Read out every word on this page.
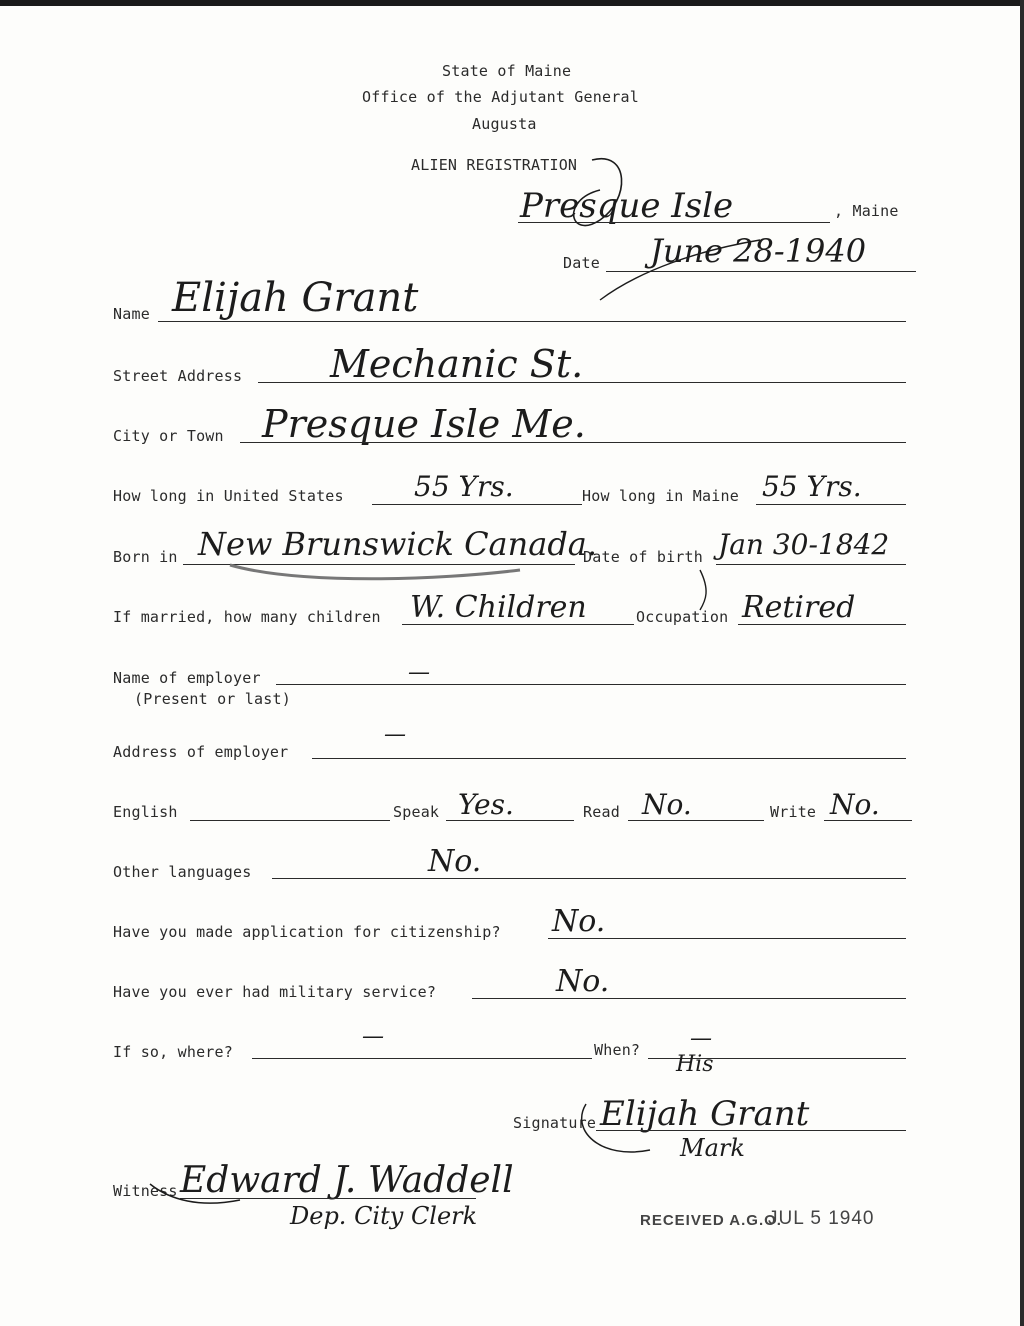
State of Maine
Office of the Adjutant General
Augusta
ALIEN REGISTRATION
Presque Isle	, Maine
Date June 28-1940
Name Elijah Grant
Street Address Mechanic St.
City or Town Presque Isle Me.
How long in United States	55 Yrs.	How long in Maine 55 Yrs.
Born in New Brunswick Canada.
Date of birth Jan 30-1842
If married, how many children W. Children	Occupation Retired
Name of employer
(Present or last)
—
Address of employer
—
English	Speak Yes.	Read No.	Write No.
Other languages	No.
Have you made application for citizenship? No.
Have you ever had military service?	No.
If so, where?
—
When? —
His
Signature Elijah Grant
Mark
Witness Edward J. Waddell
Dep. City Clerk	RECEIVED A.G.O.
JUL 5 1940
